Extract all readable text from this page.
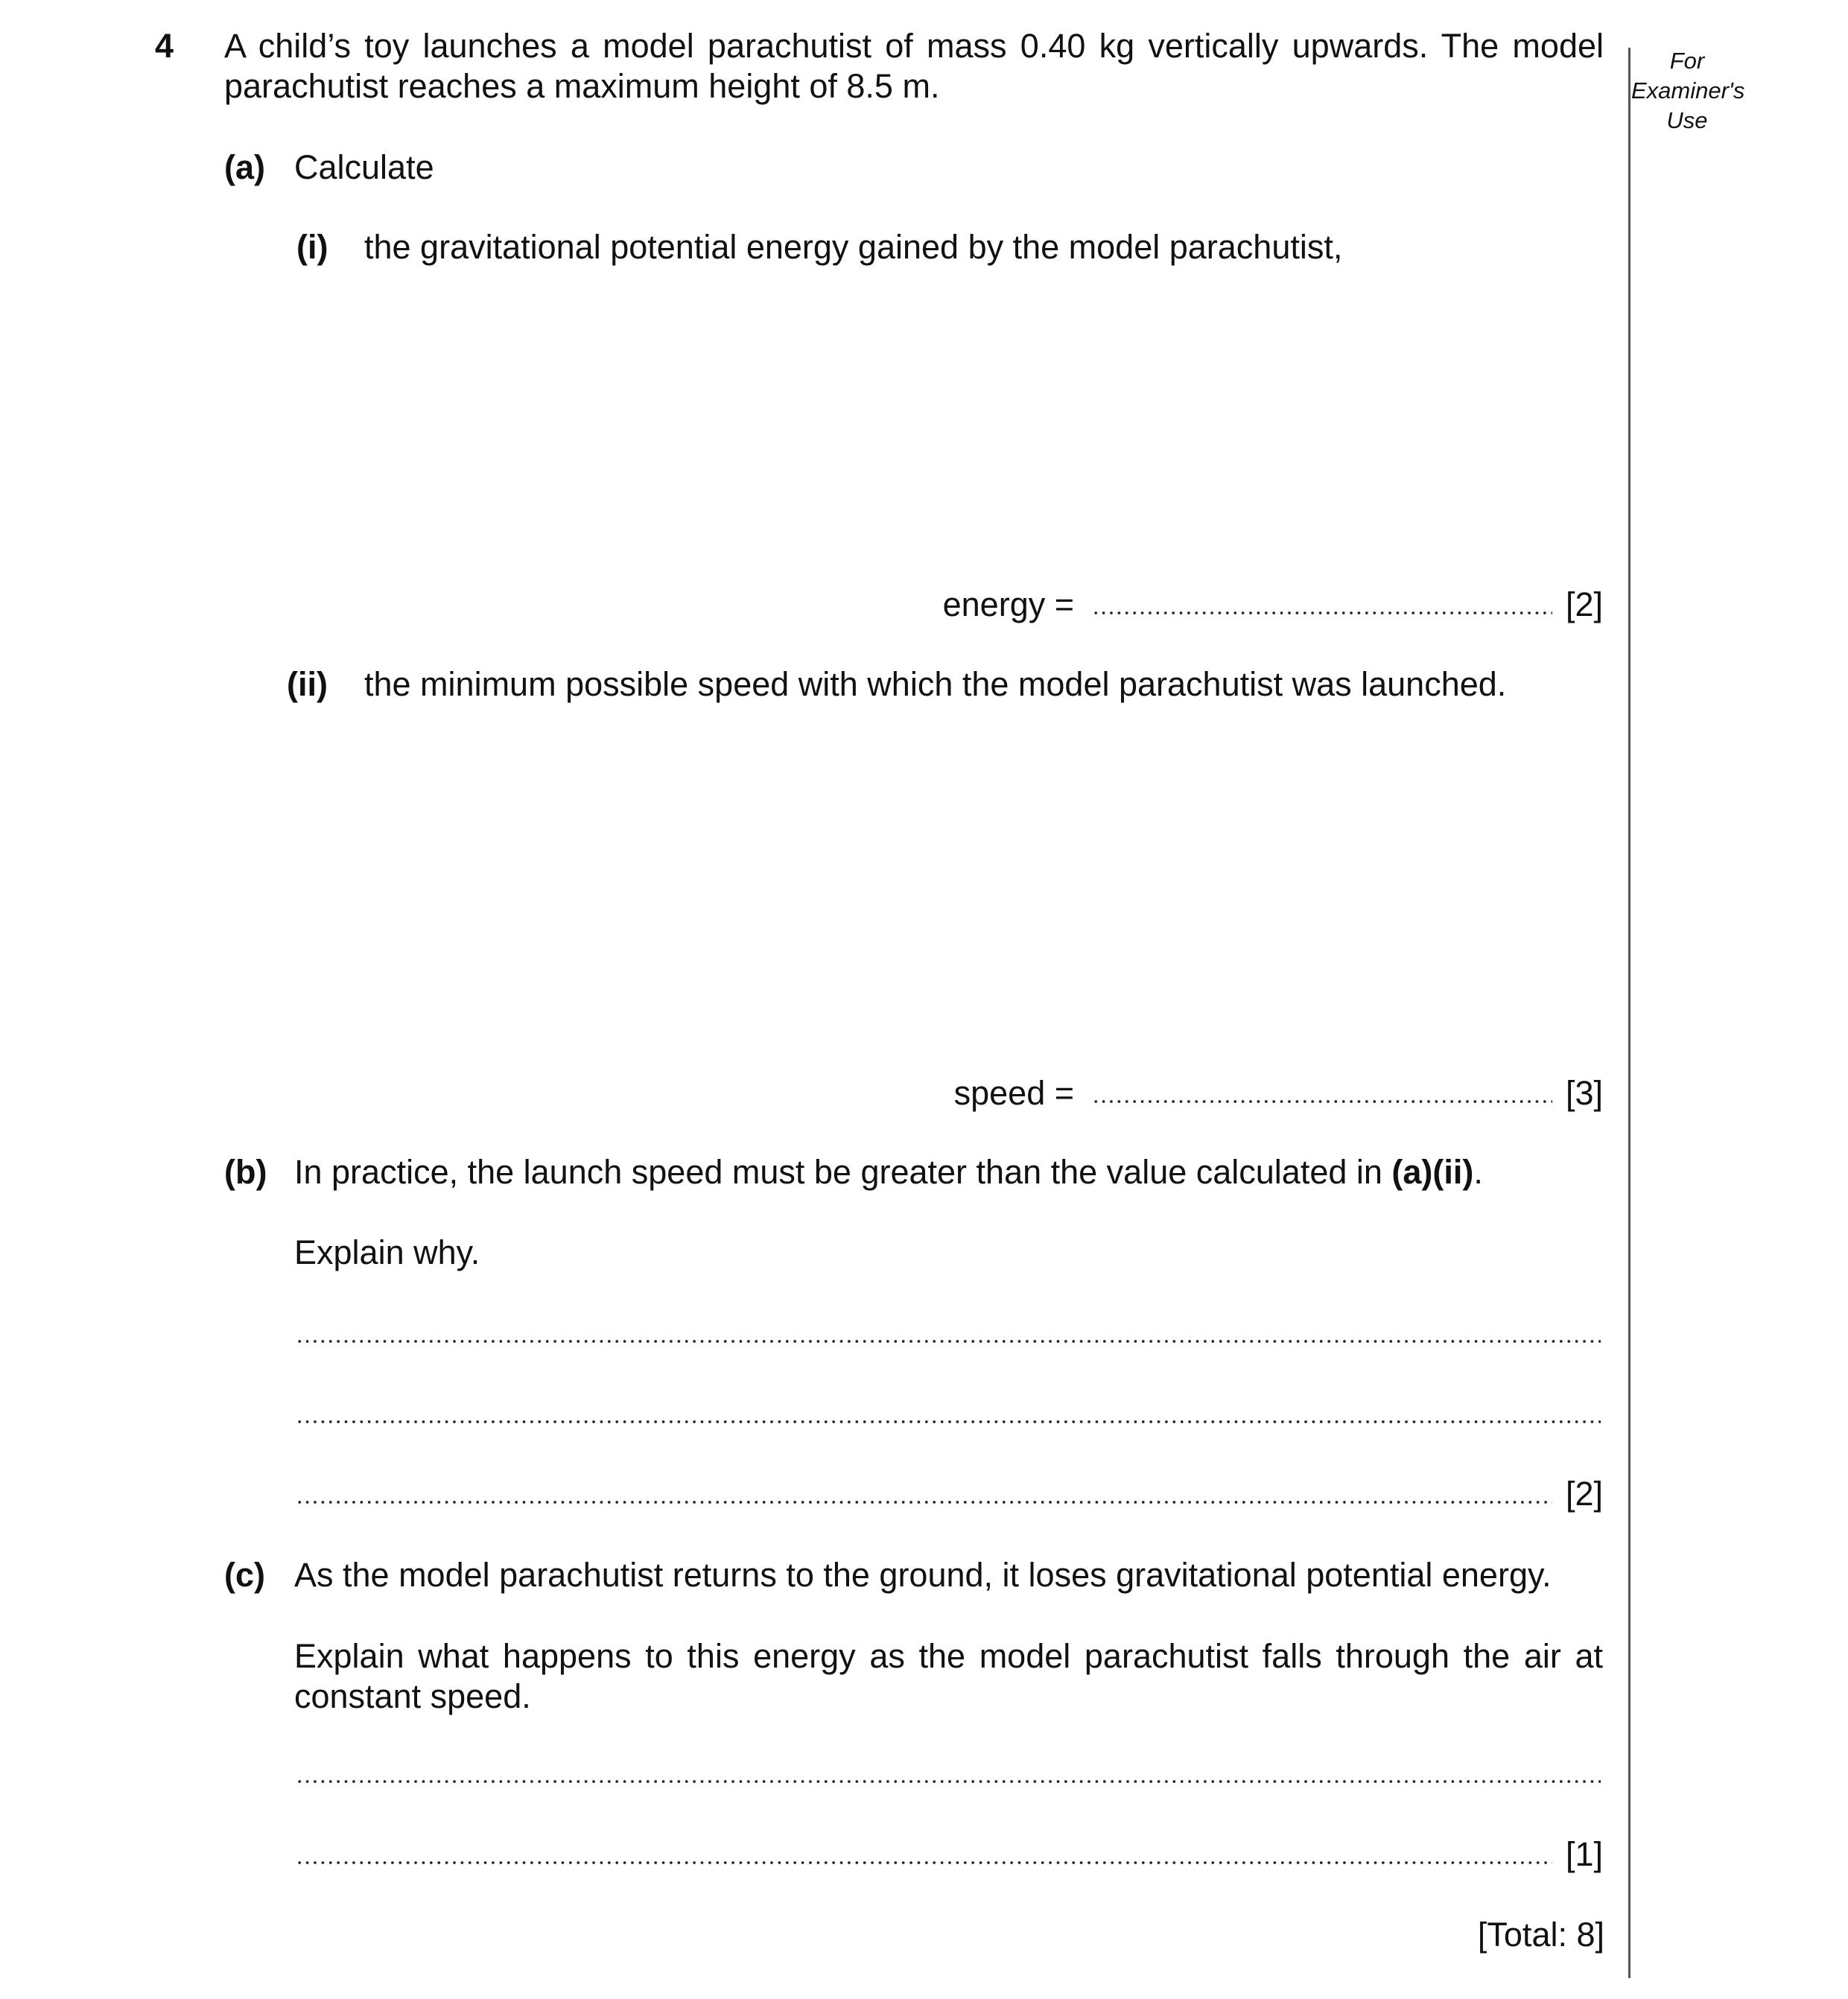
For Examiner's Use
4 A child’s toy launches a model parachutist of mass 0.40 kg vertically upwards. The model parachutist reaches a maximum height of 8.5 m.
(a) Calculate
(i) the gravitational potential energy gained by the model parachutist,
energy =	[2]
(ii) the minimum possible speed with which the model parachutist was launched.
speed =	[3]
(b) In practice, the launch speed must be greater than the value calculated in (a)(ii).
Explain why.
[2]
(c) As the model parachutist returns to the ground, it loses gravitational potential energy.
Explain what happens to this energy as the model parachutist falls through the air at constant speed.
[1]
[Total: 8]
